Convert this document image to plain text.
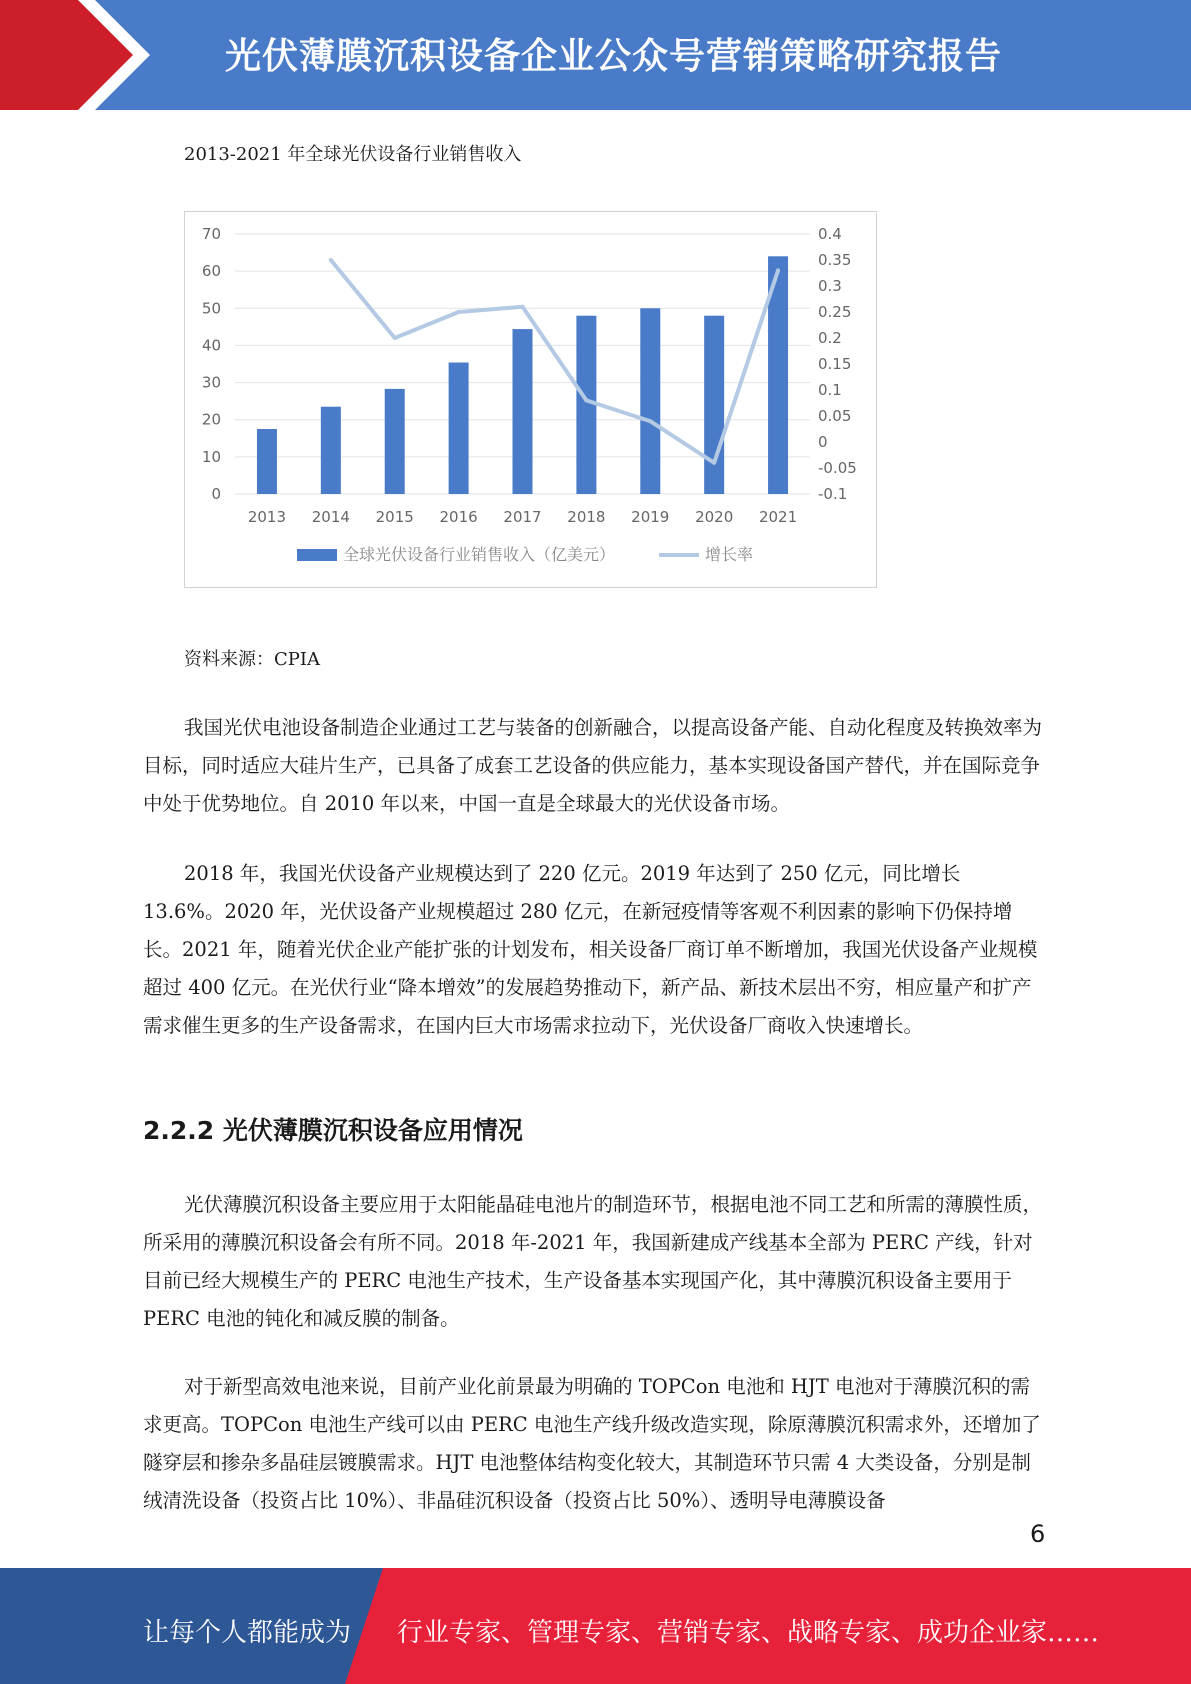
光伏薄膜沉积设备企业公众号营销策略研究报告
2013-2021 年全球光伏设备行业销售收入
0
10
20
30
40
50
60
70
-0.1
-0.05
0
0.05
0.1
0.15
0.2
0.25
0.3
0.35
0.4
2013 2014 2015 2016 2017 2018 2019 2020 2021
全球光伏设备行业销售收入（亿美元）	增长率
资料来源：CPIA

我国光伏电池设备制造企业通过工艺与装备的创新融合，以提高设备产能、自动化程度及转换效率为目标，同时适应大硅片生产，已具备了成套工艺设备的供应能力，基本实现设备国产替代，并在国际竞争中处于优势地位。自 2010 年以来，中国一直是全球最大的光伏设备市场。

2018 年，我国光伏设备产业规模达到了 220 亿元。2019 年达到了 250 亿元，同比增长 13.6%。2020 年，光伏设备产业规模超过 280 亿元，在新冠疫情等客观不利因素的影响下仍保持增长。2021 年，随着光伏企业产能扩张的计划发布，相关设备厂商订单不断增加，我国光伏设备产业规模超过 400 亿元。在光伏行业“降本增效”的发展趋势推动下，新产品、新技术层出不穷，相应量产和扩产需求催生更多的生产设备需求，在国内巨大市场需求拉动下，光伏设备厂商收入快速增长。

2.2.2 光伏薄膜沉积设备应用情况

光伏薄膜沉积设备主要应用于太阳能晶硅电池片的制造环节，根据电池不同工艺和所需的薄膜性质，所采用的薄膜沉积设备会有所不同。2018 年-2021 年，我国新建成产线基本全部为 PERC 产线，针对目前已经大规模生产的 PERC 电池生产技术，生产设备基本实现国产化，其中薄膜沉积设备主要用于 PERC 电池的钝化和减反膜的制备。

对于新型高效电池来说，目前产业化前景最为明确的 TOPCon 电池和 HJT 电池对于薄膜沉积的需求更高。TOPCon 电池生产线可以由 PERC 电池生产线升级改造实现，除原薄膜沉积需求外，还增加了隧穿层和掺杂多晶硅层镀膜需求。HJT 电池整体结构变化较大，其制造环节只需 4 大类设备，分别是制绒清洗设备（投资占比 10%）、非晶硅沉积设备（投资占比 50%）、透明导电薄膜设备

6
让每个人都能成为 行业专家、管理专家、营销专家、战略专家、成功企业家……
